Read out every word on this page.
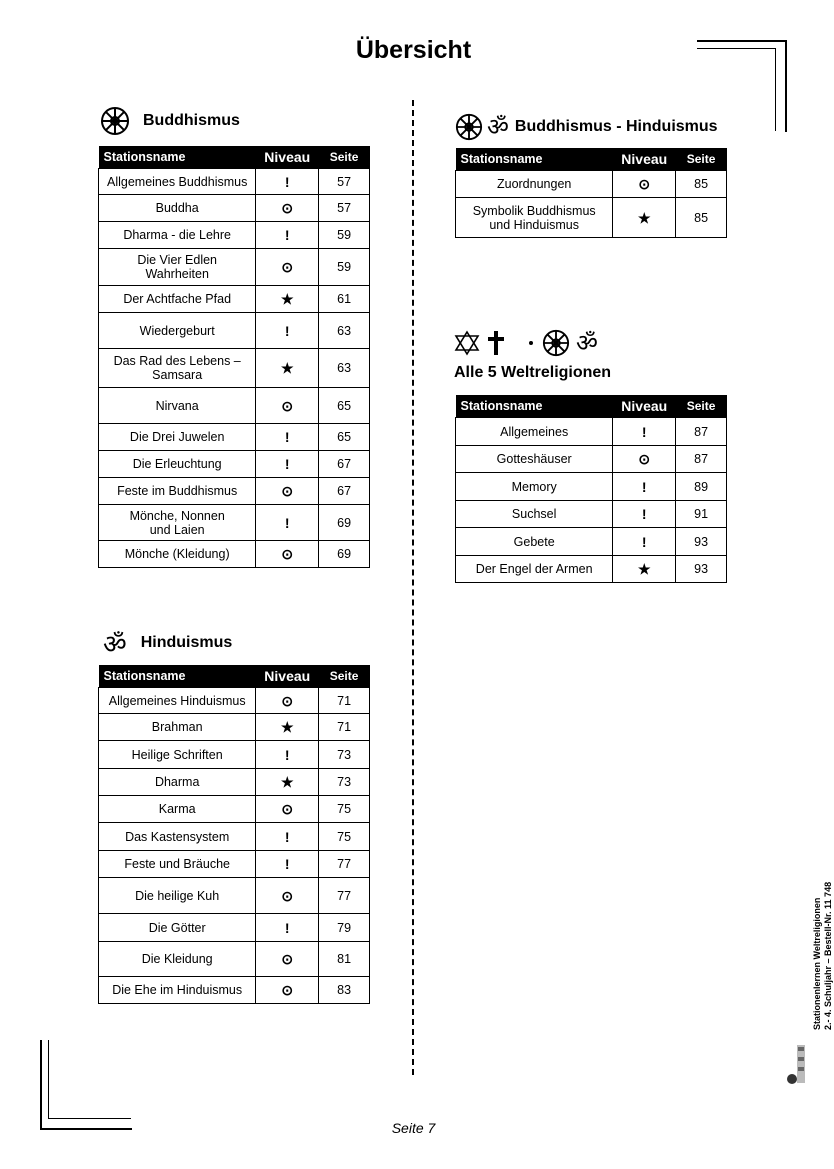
Übersicht
Buddhismus
Stationsname	Niveau	Seite
Allgemeines Buddhismus	!	57
Buddha	⊙	57
Dharma - die Lehre	!	59
Die Vier Edlen
Wahrheiten	⊙	59
Der Achtfache Pfad	★	61
Wiedergeburt	!	63
Das Rad des Lebens –
Samsara	★	63
Nirvana	⊙	65
Die Drei Juwelen	!	65
Die Erleuchtung	!	67
Feste im Buddhismus	⊙	67
Mönche, Nonnen
und Laien	!	69
Mönche (Kleidung)	⊙	69
ॐ Hinduismus
Stationsname	Niveau	Seite
Allgemeines Hinduismus	⊙	71
Brahman	★	71
Heilige Schriften	!	73
Dharma	★	73
Karma	⊙	75
Das Kastensystem	!	75
Feste und Bräuche	!	77
Die heilige Kuh	⊙	77
Die Götter	!	79
Die Kleidung	⊙	81
Die Ehe im Hinduismus	⊙	83
ॐ Buddhismus - Hinduismus
Stationsname	Niveau	Seite
Zuordnungen	⊙	85
Symbolik Buddhismus
und Hinduismus	★	85
ॐ
Alle 5 Weltreligionen
Stationsname	Niveau	Seite
Allgemeines	!	87
Gotteshäuser	⊙	87
Memory	!	89
Suchsel	!	91
Gebete	!	93
Der Engel der Armen	★	93
Stationenlernen Weltreligionen 2.- 4. Schuljahr – Bestell-Nr. 11 748
Seite 7
